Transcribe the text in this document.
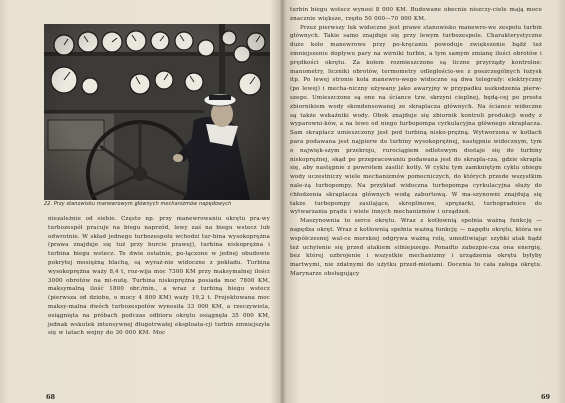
22. Przy stanowisku manewrowym głównych mechanizmów napędowych

niezależnie od siebie. Często np. przy manewrowaniu okrętu pra-wy turbozespół pracuje na biegu naprzód, lewy zaś na biegu wstecz lub odwrotnie. W skład jednego turbozespołu wchodzi tur-bina wysokoprężna (prawa znajduje się tuż przy burcie prawej), turbina niskoprężna i turbina biegu wstecz. Te dwie ostatnie, po-łączone w jednej obudowie pokrytej mosiężną blachą, są wyraź-nie widoczne z pokładu. Turbina wysokoprężna waży 8,4 t, roz-wija moc 7300 KM przy maksymalnej ilości 3000 obrotów na mi-nutę. Turbina niskoprężna posiada moc 7800 KM, maksymalną ilość 1800 obr./min., a wraz z turbiną biegu wstecz (pierwsza od dziobu, o mocy 4 800 KM) waży 19,2 t. Projektowana moc maksy-malna dwóch turbozespołów wynosiła 33 000 KM, a rzeczywista, osiągnięta na próbach podczas odbioru okrętu osiągnęła 35 000 KM, jednak wskutek intensywnej długotrwałej eksploata-cji turbin zmniejszyła się w latach wojny do 30 000 KM. Moc

68

turbin biegu wstecz wynosi 8 000 KM. Budowane obecnie niszczy-ciele mają moce znacznie większe, rzędu 50 000—70 000 KM.
Przez pierwszy luk widoczne jest prawe stanowisko manewro-we zespołu turbin głównych. Takie samo znajduje się przy lewym turbozespole. Charakterystyczne duże koło manewrowe przy po-kręcaniu powoduje zwiększenie bądź też zmniejszenie dopływu pary na wirniki turbin, a tym samym zmianę ilości obrotów i prędkości okrętu. Za kołem rozmieszczone są liczne przyrządy kontrolne: manometry, liczniki obrotów, termometry odległościo-we z poszczególnych łożysk itp. Po lewej stronie koła manewro-wego widoczne są dwa telegrafy: elektryczny (po lewej) i mecha-niczny używany jako awaryjny w przypadku uszkodzenia pierw-szego. Umieszczone są one na ściance tzw. skrzyni cieplnej, będą-cej po prostu zbiornikiem wody skondensowanej ze skraplacza głównych. Na ściance widoczne są także wskaźniki wody. Obok znajduje się zbiornik kontroli produkcji wody z wyparowni-ków, a na lewo od niego turbopompa cyrkulacyjna głównego skraplacza. Sam skraplacz umieszczony jest pod turbiną nisko-prężną. Wytworzona w kotłach para podawana jest najpierw do turbiny wysokoprężnej, następnie widocznym, tym o najwięk-szym przekroju, rurociągiem odlotowym dostaje się do turbiny niskoprężnej, skąd po przepracowaniu podawana jest do skrapla-cza, gdzie skrapla się, aby następnie z powrotem zasilić kotły. W cyklu tym zamkniętym cyklu obiegu wody uczestniczy wiele mechanizmów pomocniczych, do których przede wszystkim nale-żą turbopompy. Na przykład widoczna turbopompa cyrkulacyjna służy do chłodzenia skraplacza głównych wodą zaburtową. W ma-szynowni znajdują się także turbopompy zasilające, skroplinowe, sprężarki, turbopradnice do wytwarzania prądu i wiele innych mechanizmów i urządzeń.
Maszynownia to serce okrętu. Wraz z kotłownią spełnia ważną funkcję — napędza okręt. Wraz z kotłownią spełnia ważną funkcję — napędu okrętu, która we współczesnej wal-ce morskiej odgrywa ważną rolę, umożliwiając szybki atak bądź też uchylenie się przed atakiem silniejszego. Ponadto zabezpie-cza ona energię, bez której uzbrojenie i wszystkie mechanizmy i urządzenia okrętu byłyby martwymi, nie zdatnymi do użytku przed-miotami. Docenia to cała załoga okrętu. Marynarze obsługujący

69
